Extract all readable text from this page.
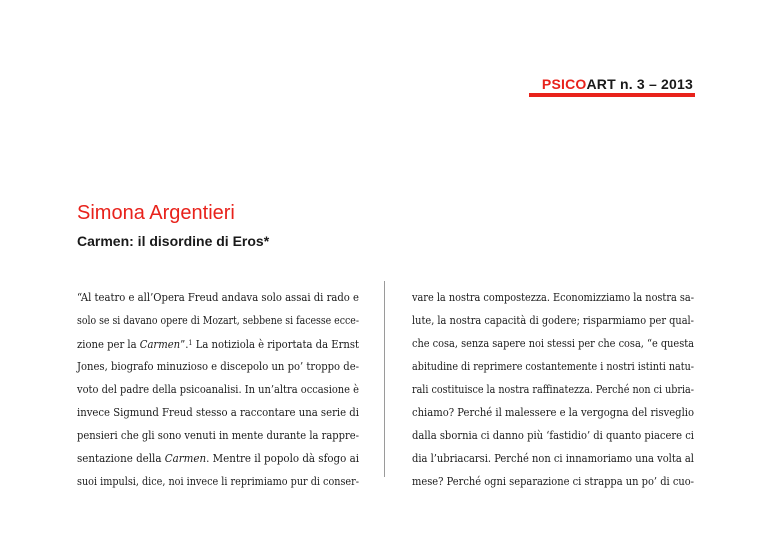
PSICOART n. 3 – 2013
Simona Argentieri
Carmen: il disordine di Eros*
“Al teatro e all’Opera Freud andava solo assai di rado e
solo se si davano opere di Mozart, sebbene si facesse ecce-
zione per la Carmen”.$^1$ La notiziola è riportata da Ernst
Jones, biografo minuzioso e discepolo un po’ troppo de-
voto del padre della psicoanalisi. In un’altra occasione è
invece Sigmund Freud stesso a raccontare una serie di
pensieri che gli sono venuti in mente durante la rappre-
sentazione della Carmen. Mentre il popolo dà sfogo ai
suoi impulsi, dice, noi invece li reprimiamo pur di conser-
vare la nostra compostezza. Economizziamo la nostra sa-
lute, la nostra capacità di godere; risparmiamo per qual-
che cosa, senza sapere noi stessi per che cosa, “e questa
abitudine di reprimere costantemente i nostri istinti natu-
rali costituisce la nostra raffinatezza. Perché non ci ubria-
chiamo? Perché il malessere e la vergogna del risveglio
dalla sbornia ci danno più ‘fastidio’ di quanto piacere ci
dia l’ubriacarsi. Perché non ci innamoriamo una volta al
mese? Perché ogni separazione ci strappa un po’ di cuo-
